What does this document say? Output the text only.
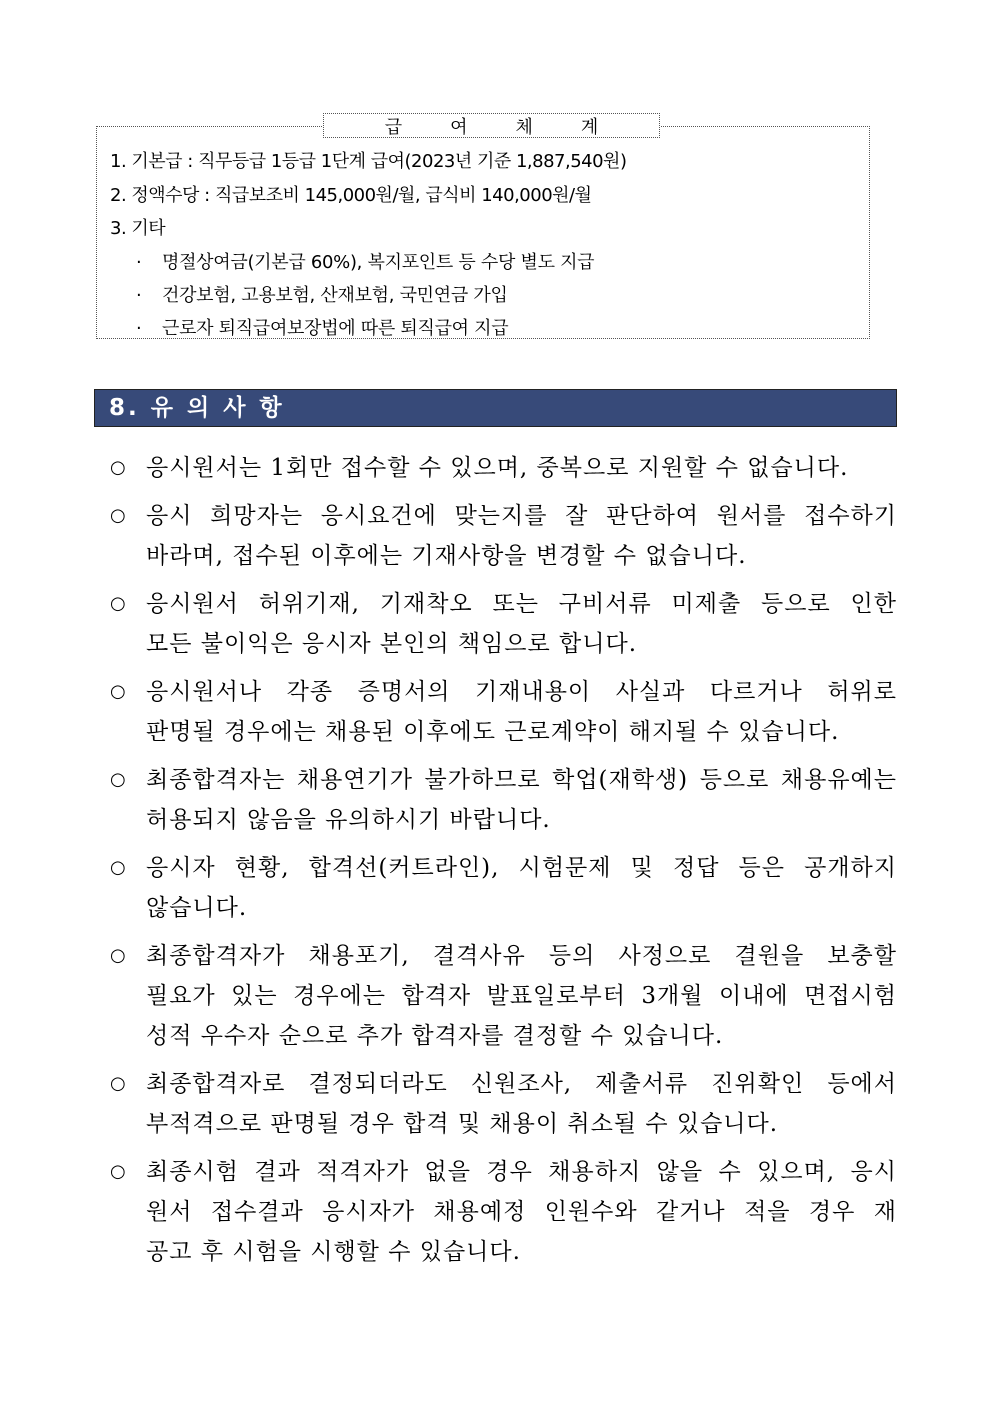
급	여	체	계
1. 기본급 : 직무등급 1등급 1단계 급여(2023년 기준 1,887,540원)
2. 정액수당 : 직급보조비 145,000원/월, 급식비 140,000원/월
3. 기타
· 명절상여금(기본급 60%), 복지포인트 등 수당 별도 지급
· 건강보험, 고용보험, 산재보험, 국민연금 가입
· 근로자 퇴직급여보장법에 따른 퇴직급여 지급
8. 유 의 사 항
○ 응시원서는 1회만 접수할 수 있으며, 중복으로 지원할 수 없습니다.
○ 응시 희망자는 응시요건에 맞는지를 잘 판단하여 원서를 접수하기
바라며, 접수된 이후에는 기재사항을 변경할 수 없습니다.
○ 응시원서 허위기재, 기재착오 또는 구비서류 미제출 등으로 인한
모든 불이익은 응시자 본인의 책임으로 합니다.
○ 응시원서나 각종 증명서의 기재내용이 사실과 다르거나 허위로
판명될 경우에는 채용된 이후에도 근로계약이 해지될 수 있습니다.
○ 최종합격자는 채용연기가 불가하므로 학업(재학생) 등으로 채용유예는
허용되지 않음을 유의하시기 바랍니다.
○ 응시자 현황, 합격선(커트라인), 시험문제 및 정답 등은 공개하지
않습니다.
○ 최종합격자가 채용포기, 결격사유 등의 사정으로 결원을 보충할
필요가 있는 경우에는 합격자 발표일로부터 3개월 이내에 면접시험
성적 우수자 순으로 추가 합격자를 결정할 수 있습니다.
○ 최종합격자로 결정되더라도 신원조사, 제출서류 진위확인 등에서
부적격으로 판명될 경우 합격 및 채용이 취소될 수 있습니다.
○ 최종시험 결과 적격자가 없을 경우 채용하지 않을 수 있으며, 응시
원서 접수결과 응시자가 채용예정 인원수와 같거나 적을 경우 재
공고 후 시험을 시행할 수 있습니다.
